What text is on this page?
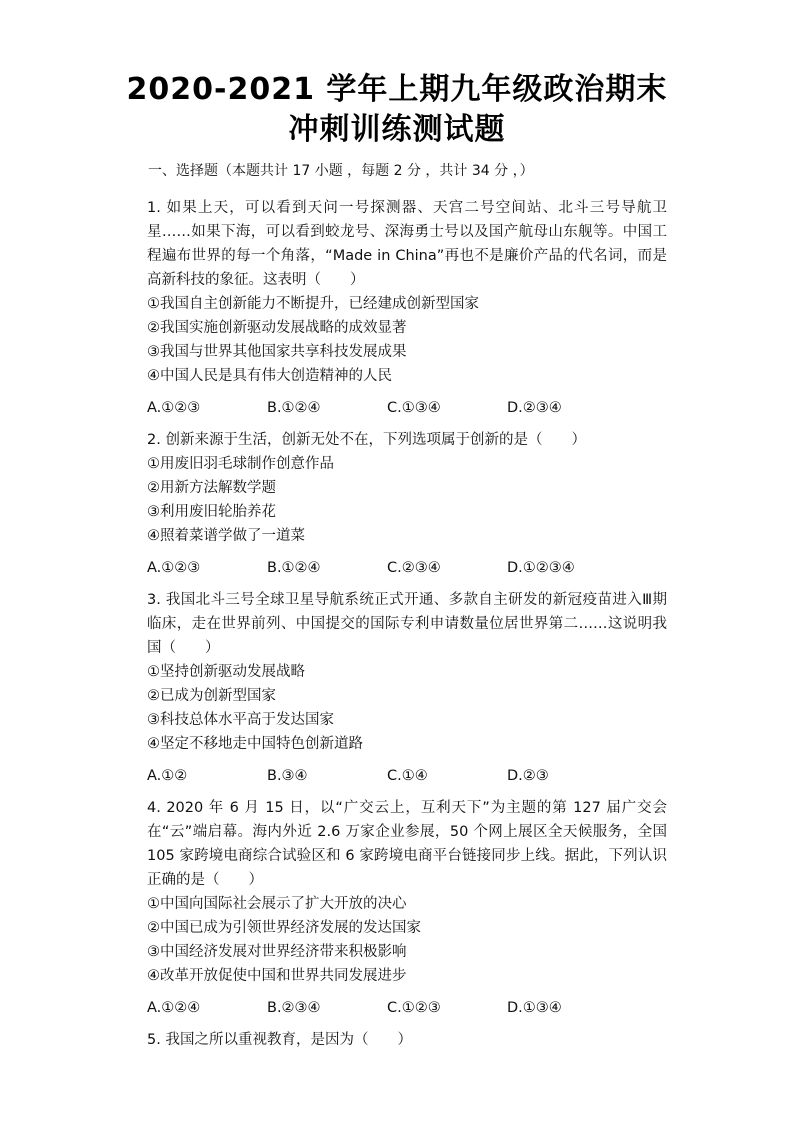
2020-2021 学年上期九年级政治期末
冲刺训练测试题
一、选择题（本题共计 17 小题 ，每题 2 分 ，共计 34 分 ，）
1. 如果上天，可以看到天问一号探测器、天宫二号空间站、北斗三号导航卫星……如果下海，可以看到蛟龙号、深海勇士号以及国产航母山东舰等。中国工程遍布世界的每一个角落，“Made in China”再也不是廉价产品的代名词，而是高新科技的象征。这表明（　　）
①我国自主创新能力不断提升，已经建成创新型国家
②我国实施创新驱动发展战略的成效显著
③我国与世界其他国家共享科技发展成果
④中国人民是具有伟大创造精神的人民
A.①②③	B.①②④	C.①③④	D.②③④
2. 创新来源于生活，创新无处不在，下列选项属于创新的是（　　）
①用废旧羽毛球制作创意作品
②用新方法解数学题
③利用废旧轮胎养花
④照着菜谱学做了一道菜
A.①②③	B.①②④	C.②③④	D.①②③④
3. 我国北斗三号全球卫星导航系统正式开通、多款自主研发的新冠疫苗进入Ⅲ期临床，走在世界前列、中国提交的国际专利申请数量位居世界第二……这说明我国（　　）
①坚持创新驱动发展战略
②已成为创新型国家
③科技总体水平高于发达国家
④坚定不移地走中国特色创新道路
A.①②	B.③④	C.①④	D.②③
4. 2020 年 6 月 15 日，以“广交云上，互利天下”为主题的第 127 届广交会在“云”端启幕。海内外近 2.6 万家企业参展，50 个网上展区全天候服务，全国 105 家跨境电商综合试验区和 6 家跨境电商平台链接同步上线。据此，下列认识正确的是（　　）
①中国向国际社会展示了扩大开放的决心
②中国已成为引领世界经济发展的发达国家
③中国经济发展对世界经济带来积极影响
④改革开放促使中国和世界共同发展进步
A.①②④	B.②③④	C.①②③	D.①③④
5. 我国之所以重视教育，是因为（　　）
